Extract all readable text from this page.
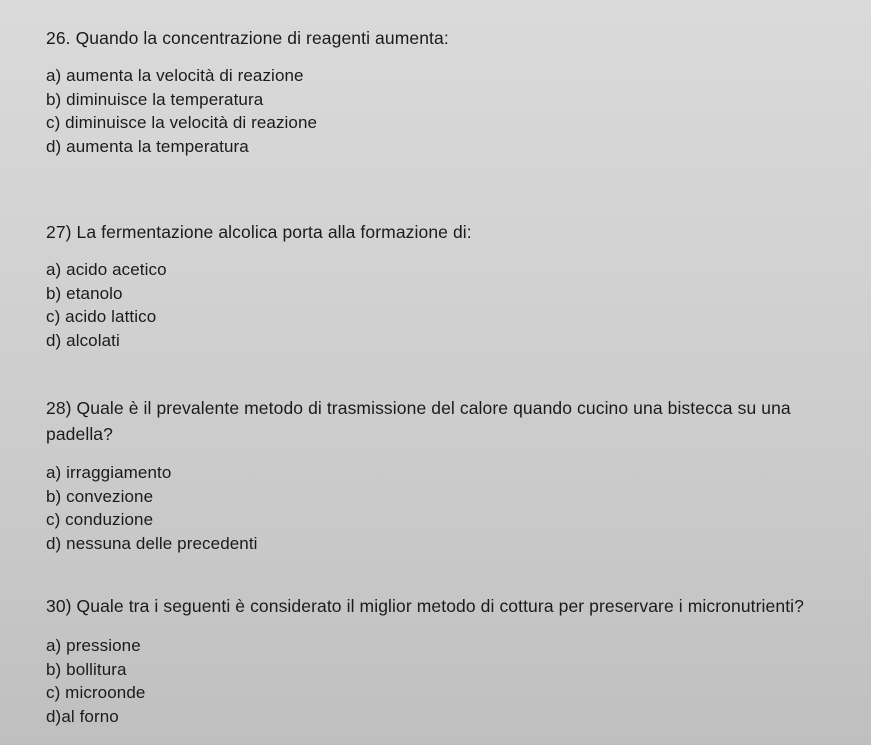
26. Quando la concentrazione di reagenti aumenta:
a) aumenta la velocità di reazione
b) diminuisce la temperatura
c) diminuisce la velocità di reazione
d) aumenta la temperatura
27) La fermentazione alcolica porta alla formazione di:
a) acido acetico
b) etanolo
c) acido lattico
d) alcolati
28) Quale è il prevalente metodo di trasmissione del calore quando cucino una bistecca su una padella?
a) irraggiamento
b) convezione
c) conduzione
d) nessuna delle precedenti
30) Quale tra i seguenti è considerato il miglior metodo di cottura per preservare i micronutrienti?
a) pressione
b) bollitura
c) microonde
d)al forno
